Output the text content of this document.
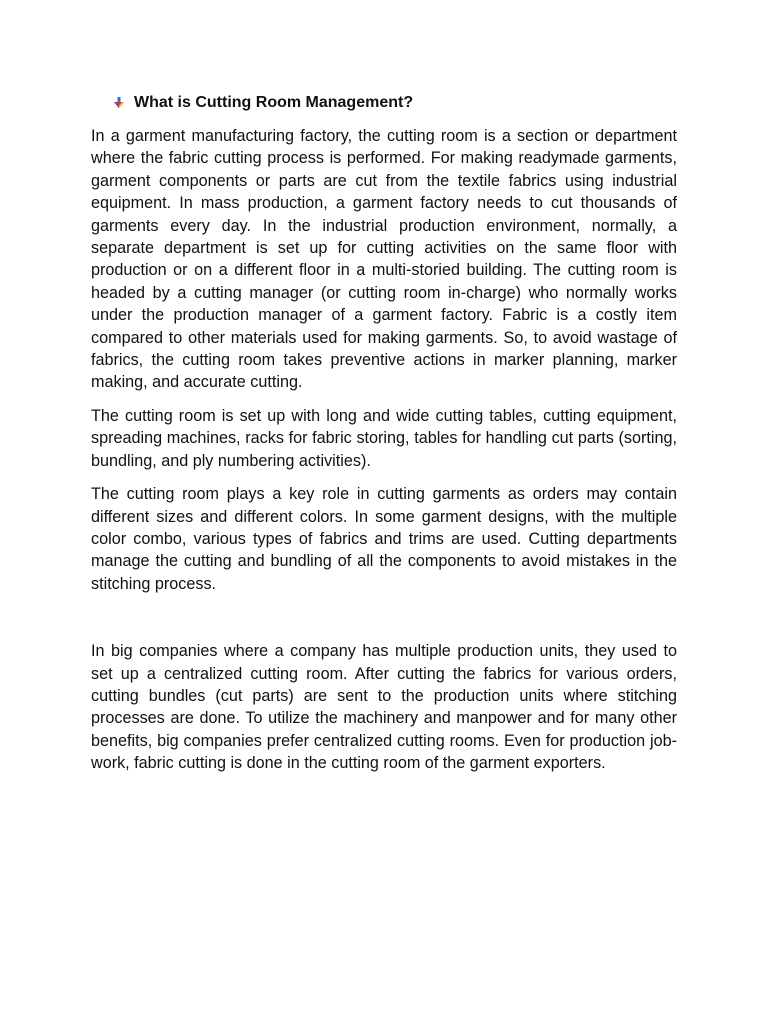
What is Cutting Room Management?

In a garment manufacturing factory, the cutting room is a section or department where the fabric cutting process is performed. For making readymade garments, garment components or parts are cut from the textile fabrics using industrial equipment. In mass production, a garment factory needs to cut thousands of garments every day. In the industrial production environment, normally, a separate department is set up for cutting activities on the same floor with production or on a different floor in a multi-storied building. The cutting room is headed by a cutting manager (or cutting room in-charge) who normally works under the production manager of a garment factory. Fabric is a costly item compared to other materials used for making garments. So, to avoid wastage of fabrics, the cutting room takes preventive actions in marker planning, marker making, and accurate cutting.

The cutting room is set up with long and wide cutting tables, cutting equipment, spreading machines, racks for fabric storing, tables for handling cut parts (sorting, bundling, and ply numbering activities).

The cutting room plays a key role in cutting garments as orders may contain different sizes and different colors. In some garment designs, with the multiple color combo, various types of fabrics and trims are used. Cutting departments manage the cutting and bundling of all the components to avoid mistakes in the stitching process.

In big companies where a company has multiple production units, they used to set up a centralized cutting room. After cutting the fabrics for various orders, cutting bundles (cut parts) are sent to the production units where stitching processes are done. To utilize the machinery and manpower and for many other benefits, big companies prefer centralized cutting rooms. Even for production job-work, fabric cutting is done in the cutting room of the garment exporters.
